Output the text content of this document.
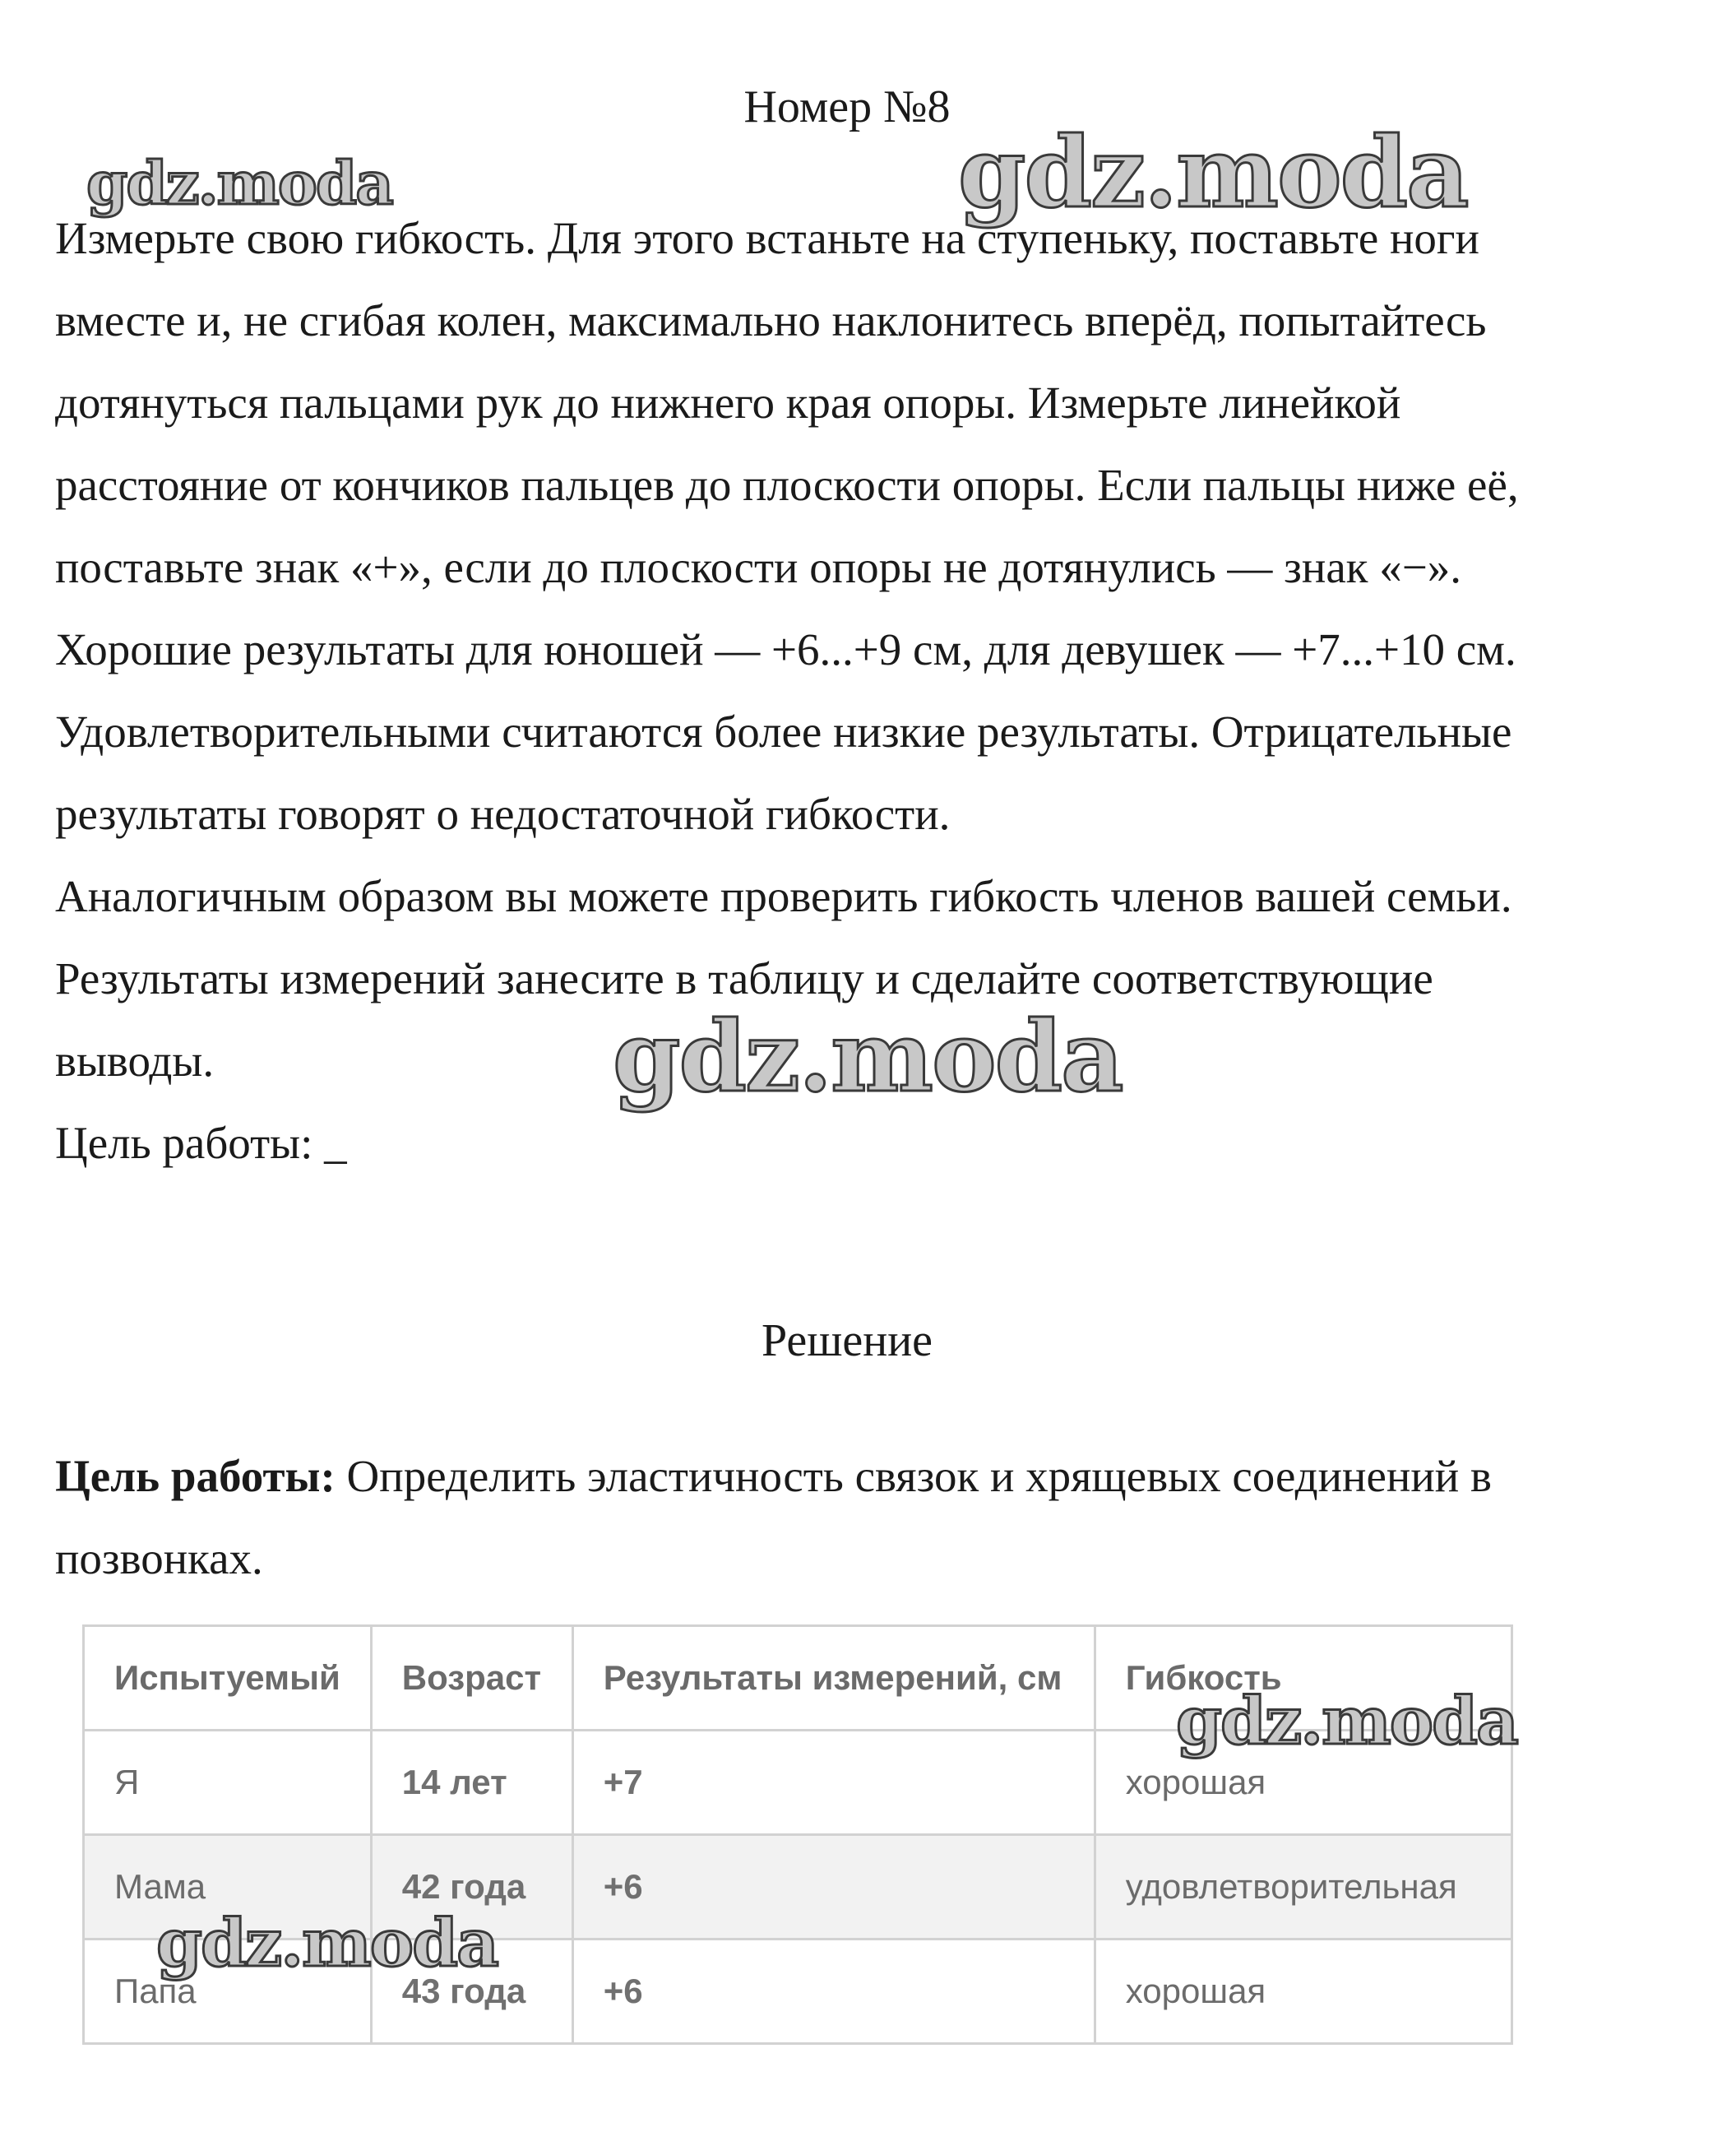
Номер №8

Измерьте свою гибкость. Для этого встаньте на ступеньку, поставьте ноги

вместе и, не сгибая колен, максимально наклонитесь вперёд, попытайтесь

дотянуться пальцами рук до нижнего края опоры. Измерьте линейкой

расстояние от кончиков пальцев до плоскости опоры. Если пальцы ниже её,

поставьте знак «+», если до плоскости опоры не дотянулись — знак «−».

Хорошие результаты для юношей — +6...+9 см, для девушек — +7...+10 см.

Удовлетворительными считаются более низкие результаты. Отрицательные

результаты говорят о недостаточной гибкости.

Аналогичным образом вы можете проверить гибкость членов вашей семьи.

Результаты измерений занесите в таблицу и сделайте соответствующие

выводы.

Цель работы: _

Решение

Цель работы: Определить эластичность связок и хрящевых соединений в позвонках.

Испытуемый	Возраст	Результаты измерений, см	Гибкость
Я	14 лет	+7	хорошая
Мама	42 года	+6	удовлетворительная
Папа	43 года	+6	хорошая
gdz.moda	gdz.moda
gdz.moda
gdz.moda
gdz.moda
